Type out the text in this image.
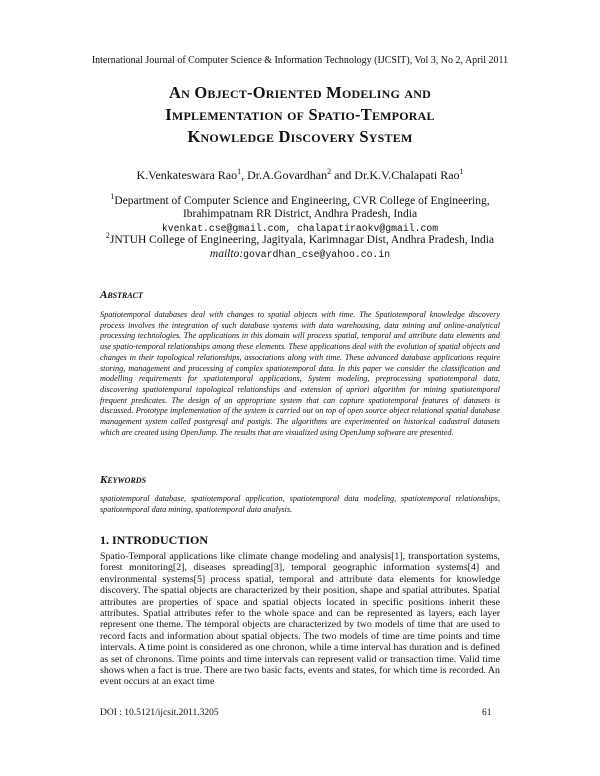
International Journal of Computer Science & Information Technology (IJCSIT), Vol 3, No 2, April 2011
An Object-Oriented Modeling and
Implementation of Spatio-Temporal
Knowledge Discovery System
K.Venkateswara Rao$^1$, Dr.A.Govardhan$^2$ and Dr.K.V.Chalapati Rao$^1$
$^1$Department of Computer Science and Engineering, CVR College of Engineering,
Ibrahimpatnam RR District, Andhra Pradesh, India
kvenkat.cse@gmail.com, chalapatiraokv@gmail.com
$^2$JNTUH College of Engineering, Jagityala, Karimnagar Dist, Andhra Pradesh, India
mailto:govardhan_cse@yahoo.co.in
Abstract
Spatiotemporal databases deal with changes to spatial objects with time. The Spatiotemporal knowledge discovery process involves the integration of such database systems with data warehousing, data mining and online-analytical processing technologies. The applications in this domain will process spatial, temporal and attribute data elements and use spatio-temporal relationships among these elements. These applications deal with the evolution of spatial objects and changes in their topological relationships, associations along with time. These advanced database applications require storing, management and processing of complex spatiotemporal data. In this paper we consider the classification and modelling requirements for spatiotemporal applications, System modeling, preprocessing spatiotemporal data, discovering spatiotemporal topological relationships and extension of apriori algorithm for mining spatiotemporal frequent predicates. The design of an appropriate system that can capture spatiotemporal features of datasets is discussed. Prototype implementation of the system is carried out on top of open source object relational spatial database management system called postgresql and postgis. The algorithms are experimented on historical cadastral datasets which are created using OpenJump. The results that are visualized using OpenJump software are presented.
Keywords
spatiotemporal database, spatiotemporal application, spatiotemporal data modeling, spatiotemporal relationships, spatiotemporal data mining, spatiotemporal data analysis.
1. INTRODUCTION
Spatio-Temporal applications like climate change modeling and analysis[1], transportation systems, forest monitoring[2], diseases spreading[3], temporal geographic information systems[4] and environmental systems[5] process spatial, temporal and attribute data elements for knowledge discovery. The spatial objects are characterized by their position, shape and spatial attributes. Spatial attributes are properties of space and spatial objects located in specific positions inherit these attributes. Spatial attributes refer to the whole space and can be represented as layers, each layer represent one theme. The temporal objects are characterized by two models of time that are used to record facts and information about spatial objects. The two models of time are time points and time intervals. A time point is considered as one chronon, while a time interval has duration and is defined as set of chronons. Time points and time intervals can represent valid or transaction time. Valid time shows when a fact is true. There are two basic facts, events and states, for which time is recorded. An event occurs at an exact time
DOI : 10.5121/ijcsit.2011.3205	61
